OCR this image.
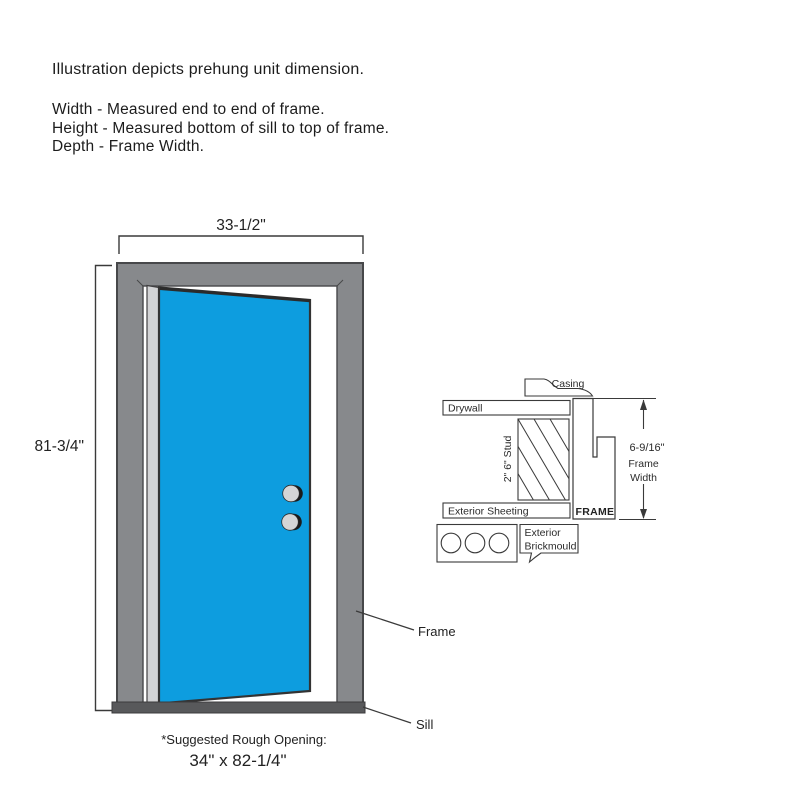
Illustration depicts prehung unit dimension.
Width - Measured end to end of frame.
Height - Measured bottom of sill to top of frame.
Depth - Frame Width.
33-1/2"
81-3/4"
Frame
Sill
*Suggested Rough Opening:
34" x 82-1/4"
Casing
Drywall
2" 6" Stud
Exterior Sheeting	FRAME
Exterior
Brickmould
6-9/16"
Frame
Width
